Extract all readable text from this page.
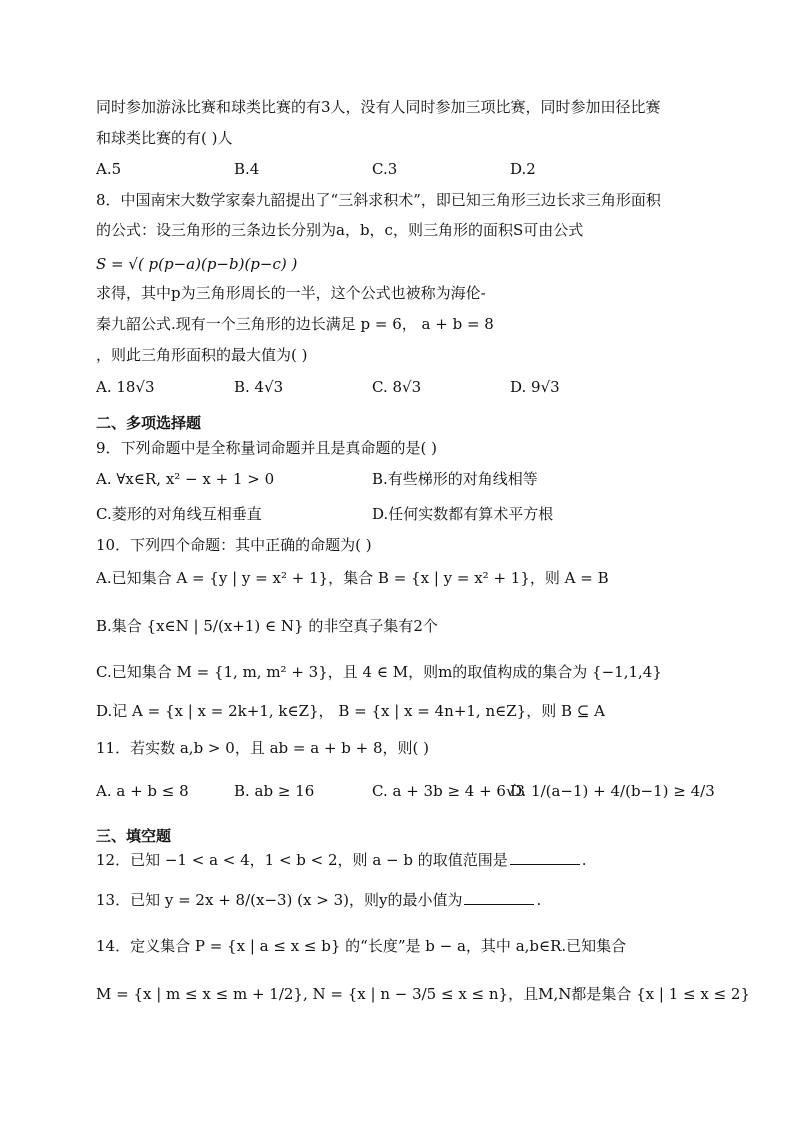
同时参加游泳比赛和球类比赛的有3人，没有人同时参加三项比赛，同时参加田径比赛
和球类比赛的有( )人
A.5	B.4	C.3	D.2
8．中国南宋大数学家秦九韶提出了“三斜求积术”，即已知三角形三边长求三角形面积
的公式：设三角形的三条边长分别为a，b，c，则三角形的面积S可由公式
S = √( p(p−a)(p−b)(p−c) )
求得，其中p为三角形周长的一半，这个公式也被称为海伦-
秦九韶公式.现有一个三角形的边长满足 p = 6， a + b = 8
，则此三角形面积的最大值为( )
A. 18√3	B. 4√3	C. 8√3	D. 9√3
二、多项选择题
9．下列命题中是全称量词命题并且是真命题的是( )
A. ∀x∈R, x² − x + 1 > 0	B.有些梯形的对角线相等
C.菱形的对角线互相垂直	D.任何实数都有算术平方根
10．下列四个命题：其中正确的命题为( )
A.已知集合 A = {y | y = x² + 1}，集合 B = {x | y = x² + 1}，则 A = B
B.集合 {x∈N | 5/(x+1) ∈ N} 的非空真子集有2个
C.已知集合 M = {1, m, m² + 3}，且 4 ∈ M，则m的取值构成的集合为 {−1,1,4}
D.记 A = {x | x = 2k+1, k∈Z}， B = {x | x = 4n+1, n∈Z}，则 B ⊆ A
11．若实数 a,b > 0，且 ab = a + b + 8，则( )
A. a + b ≤ 8	B. ab ≥ 16	C. a + 3b ≥ 4 + 6√3
D. 1/(a−1) + 4/(b−1) ≥ 4/3
三、填空题
12．已知 −1 < a < 4，1 < b < 2，则 a − b 的取值范围是	.
13．已知 y = 2x + 8/(x−3) (x > 3)，则y的最小值为	.
14．定义集合 P = {x | a ≤ x ≤ b} 的“长度”是 b − a，其中 a,b∈R.已知集合
M = {x | m ≤ x ≤ m + 1/2}, N = {x | n − 3/5 ≤ x ≤ n}，且M,N都是集合 {x | 1 ≤ x ≤ 2}
